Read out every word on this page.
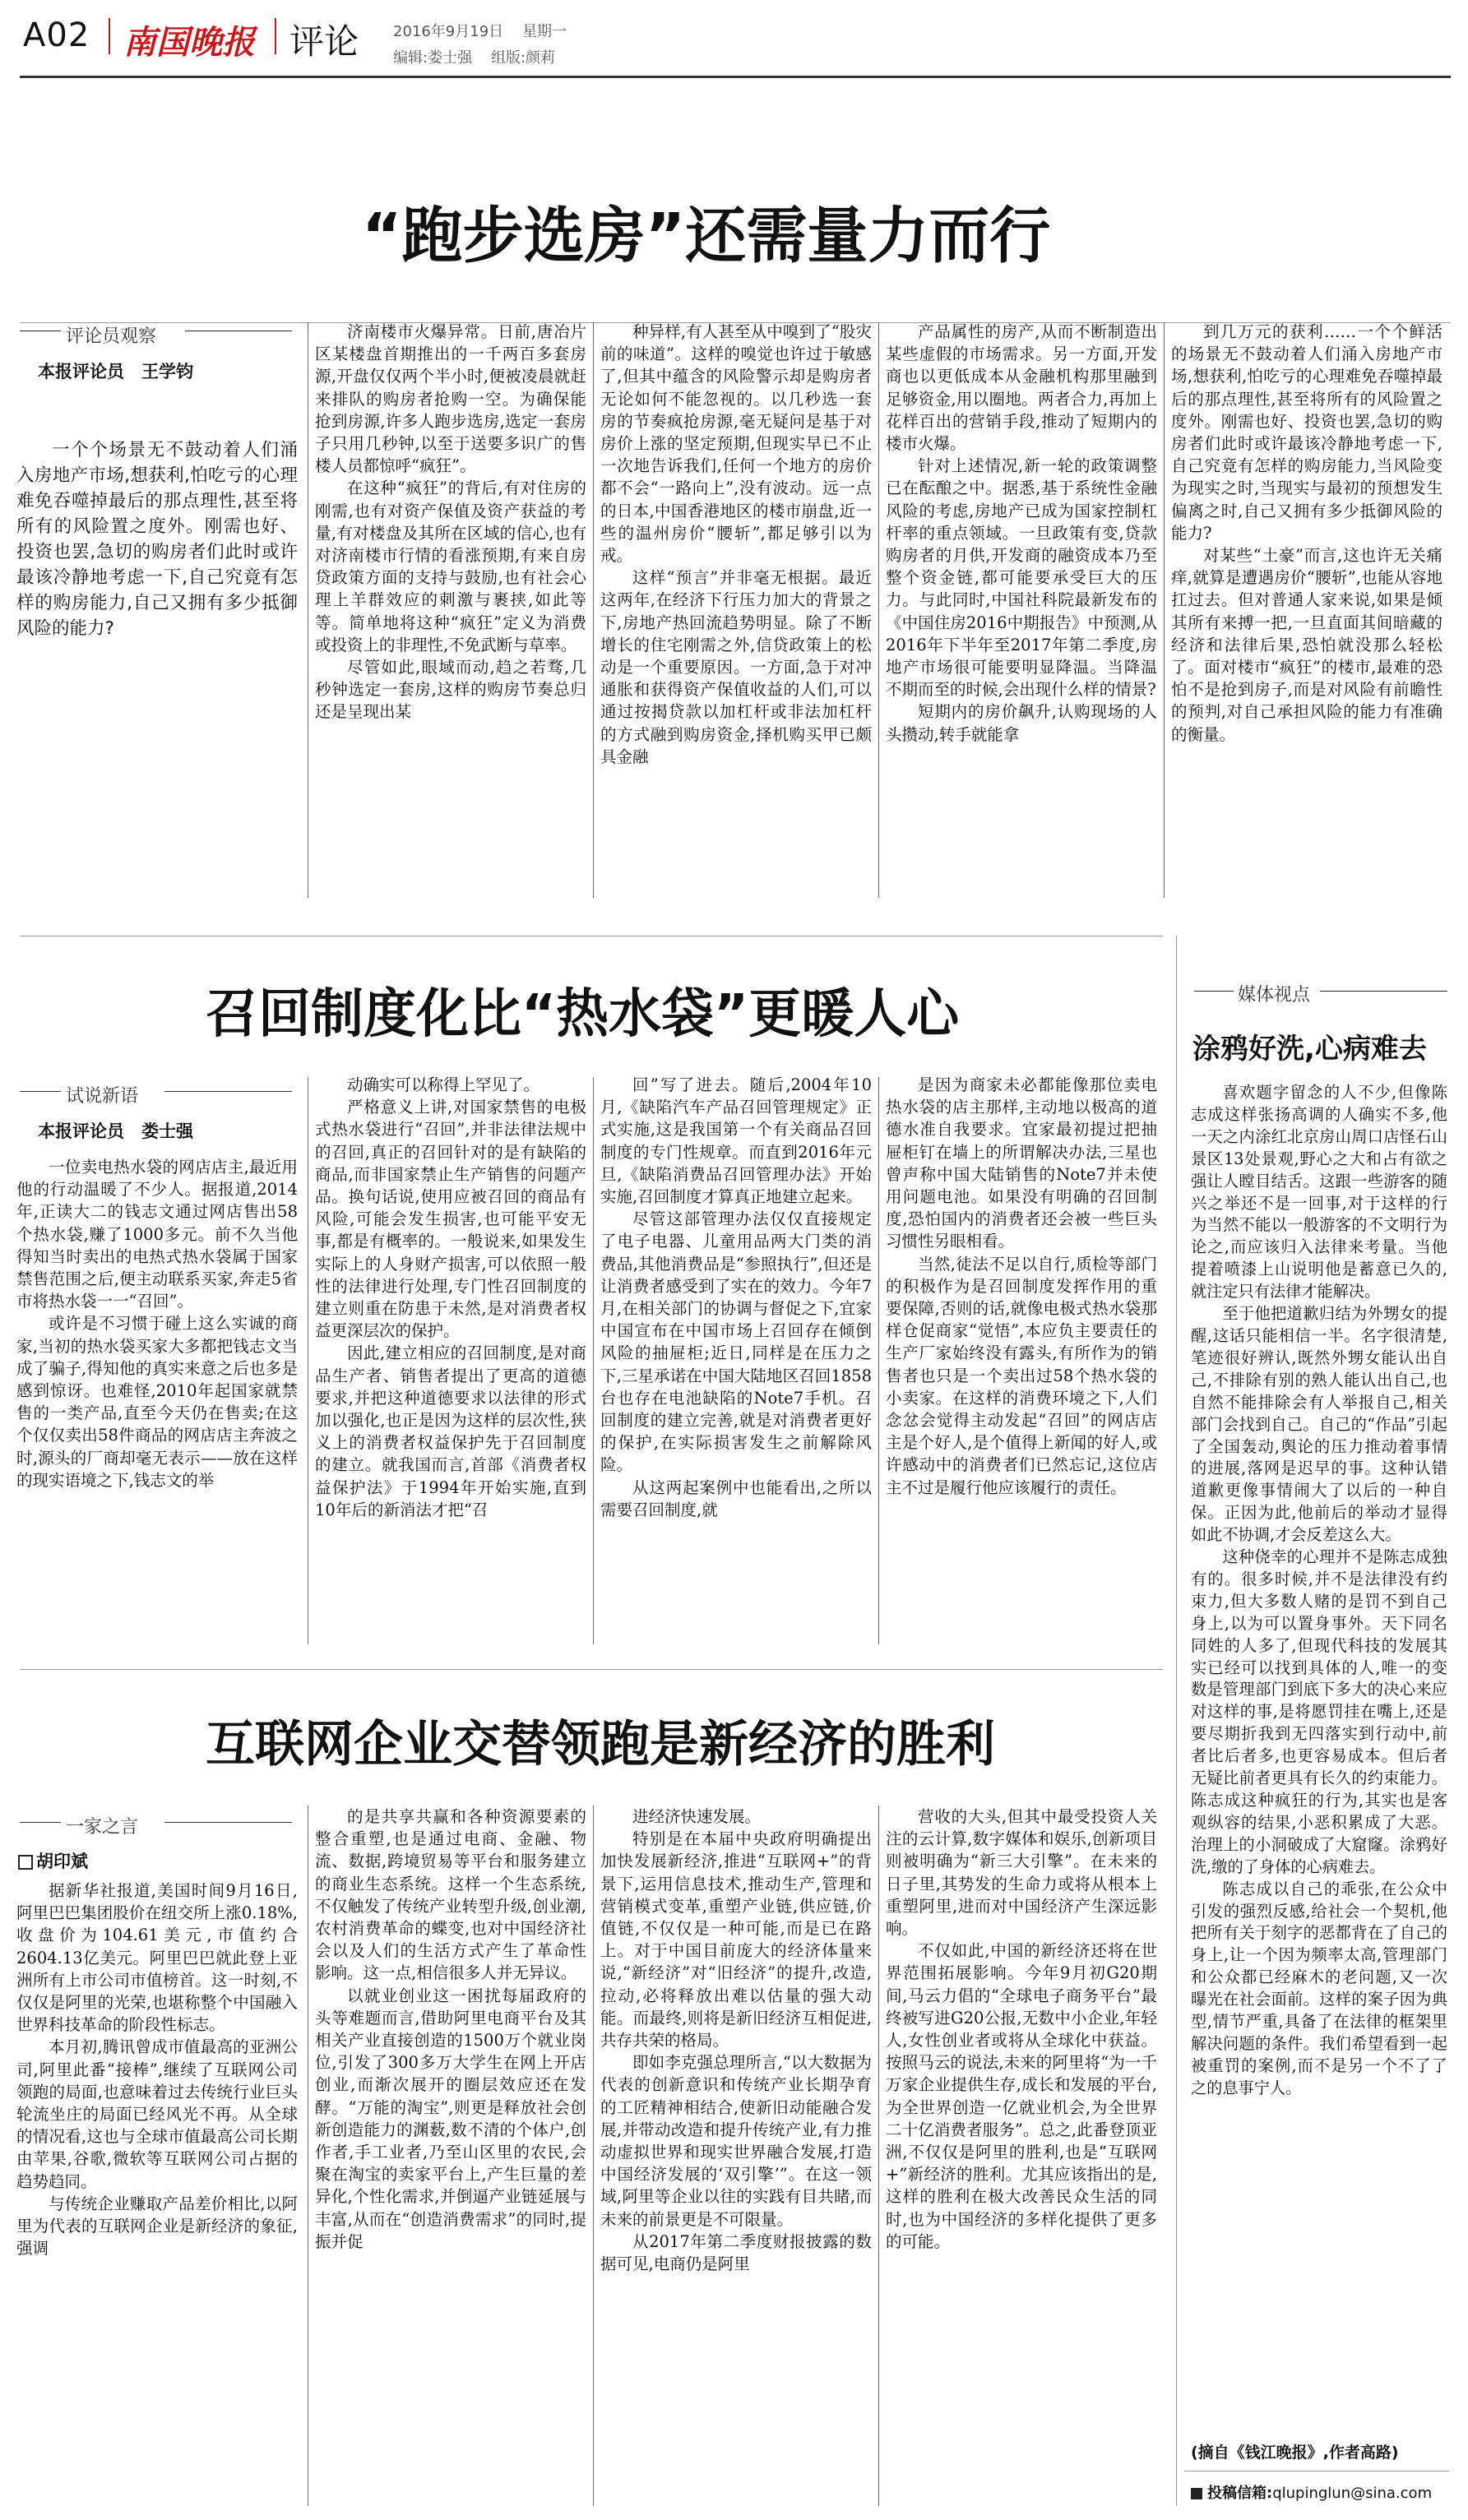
A02 南国晚报 评论 2016年9月19日 星期一
编辑:娄士强 组版:颜莉
“跑步选房”还需量力而行
评论员观察
本报评论员　王学钧
一个个场景无不鼓动着人们涌入房地产市场,想获利,怕吃亏的心理难免吞噬掉最后的那点理性,甚至将所有的风险置之度外。刚需也好、投资也罢,急切的购房者们此时或许最该冷静地考虑一下,自己究竟有怎样的购房能力,自己又拥有多少抵御风险的能力?

济南楼市火爆异常。日前,唐冶片区某楼盘首期推出的一千两百多套房源,开盘仅仅两个半小时,便被凌晨就赶来排队的购房者抢购一空。为确保能抢到房源,许多人跑步选房,选定一套房子只用几秒钟,以至于送要多识广的售楼人员都惊呼“疯狂”。

在这种“疯狂”的背后,有对住房的刚需,也有对资产保值及资产获益的考量,有对楼盘及其所在区域的信心,也有对济南楼市行情的看涨预期,有来自房贷政策方面的支持与鼓励,也有社会心理上羊群效应的刺激与裹挟,如此等等。简单地将这种“疯狂”定义为消费或投资上的非理性,不免武断与草率。

尽管如此,眼域而动,趋之若骛,几秒钟选定一套房,这样的购房节奏总归还是呈现出某

种异样,有人甚至从中嗅到了“股灾前的味道”。这样的嗅觉也许过于敏感了,但其中蕴含的风险警示却是购房者无论如何不能忽视的。以几秒选一套房的节奏疯抢房源,毫无疑问是基于对房价上涨的坚定预期,但现实早已不止一次地告诉我们,任何一个地方的房价都不会“一路向上”,没有波动。远一点的日本,中国香港地区的楼市崩盘,近一些的温州房价“腰斩”,都足够引以为戒。

这样“预言”并非毫无根据。最近这两年,在经济下行压力加大的背景之下,房地产热回流趋势明显。除了不断增长的住宅刚需之外,信贷政策上的松动是一个重要原因。一方面,急于对冲通胀和获得资产保值收益的人们,可以通过按揭贷款以加杠杆或非法加杠杆的方式融到购房资金,择机购买甲已颇具金融

产品属性的房产,从而不断制造出某些虚假的市场需求。另一方面,开发商也以更低成本从金融机构那里融到足够资金,用以圈地。两者合力,再加上花样百出的营销手段,推动了短期内的楼市火爆。

针对上述情况,新一轮的政策调整已在酝酿之中。据悉,基于系统性金融风险的考虑,房地产已成为国家控制杠杆率的重点领域。一旦政策有变,贷款购房者的月供,开发商的融资成本乃至整个资金链,都可能要承受巨大的压力。与此同时,中国社科院最新发布的《中国住房2016中期报告》中预测,从2016年下半年至2017年第二季度,房地产市场很可能要明显降温。当降温不期而至的时候,会出现什么样的情景?

短期内的房价飙升,认购现场的人头攒动,转手就能拿

到几万元的获利……一个个鲜活的场景无不鼓动着人们涌入房地产市场,想获利,怕吃亏的心理难免吞噬掉最后的那点理性,甚至将所有的风险置之度外。刚需也好、投资也罢,急切的购房者们此时或许最该冷静地考虑一下,自己究竟有怎样的购房能力,当风险变为现实之时,当现实与最初的预想发生偏离之时,自己又拥有多少抵御风险的能力?

对某些“土豪”而言,这也许无关痛痒,就算是遭遇房价“腰斩”,也能从容地扛过去。但对普通人家来说,如果是倾其所有来搏一把,一旦直面其间暗藏的经济和法律后果,恐怕就没那么轻松了。面对楼市“疯狂”的楼市,最难的恐怕不是抢到房子,而是对风险有前瞻性的预判,对自己承担风险的能力有准确的衡量。

召回制度化比“热水袋”更暖人心
试说新语
本报评论员　娄士强

一位卖电热水袋的网店店主,最近用他的行动温暖了不少人。据报道,2014年,正读大二的钱志文通过网店售出58个热水袋,赚了1000多元。前不久当他得知当时卖出的电热式热水袋属于国家禁售范围之后,便主动联系买家,奔走5省市将热水袋一一“召回”。

或许是不习惯于碰上这么实诚的商家,当初的热水袋买家大多都把钱志文当成了骗子,得知他的真实来意之后也多是感到惊讶。也难怪,2010年起国家就禁售的一类产品,直至今天仍在售卖;在这个仅仅卖出58件商品的网店店主奔波之时,源头的厂商却毫无表示——放在这样的现实语境之下,钱志文的举

动确实可以称得上罕见了。

严格意义上讲,对国家禁售的电极式热水袋进行“召回”,并非法律法规中的召回,真正的召回针对的是有缺陷的商品,而非国家禁止生产销售的问题产品。换句话说,使用应被召回的商品有风险,可能会发生损害,也可能平安无事,都是有概率的。一般说来,如果发生实际上的人身财产损害,可以依照一般性的法律进行处理,专门性召回制度的建立则重在防患于未然,是对消费者权益更深层次的保护。

因此,建立相应的召回制度,是对商品生产者、销售者提出了更高的道德要求,并把这种道德要求以法律的形式加以强化,也正是因为这样的层次性,狭义上的消费者权益保护先于召回制度的建立。就我国而言,首部《消费者权益保护法》于1994年开始实施,直到10年后的新消法才把“召

回”写了进去。随后,2004年10月,《缺陷汽车产品召回管理规定》正式实施,这是我国第一个有关商品召回制度的专门性规章。而直到2016年元旦,《缺陷消费品召回管理办法》开始实施,召回制度才算真正地建立起来。

尽管这部管理办法仅仅直接规定了电子电器、儿童用品两大门类的消费品,其他消费品是“参照执行”,但还是让消费者感受到了实在的效力。今年7月,在相关部门的协调与督促之下,宜家中国宣布在中国市场上召回存在倾倒风险的抽屉柜;近日,同样是在压力之下,三星承诺在中国大陆地区召回1858台也存在电池缺陷的Note7手机。召回制度的建立完善,就是对消费者更好的保护,在实际损害发生之前解除风险。

从这两起案例中也能看出,之所以需要召回制度,就

是因为商家未必都能像那位卖电热水袋的店主那样,主动地以极高的道德水准自我要求。宜家最初提过把抽屉柜钉在墙上的所谓解决办法,三星也曾声称中国大陆销售的Note7并未使用问题电池。如果没有明确的召回制度,恐怕国内的消费者还会被一些巨头习惯性另眼相看。

当然,徒法不足以自行,质检等部门的积极作为是召回制度发挥作用的重要保障,否则的话,就像电极式热水袋那样仓促商家“觉悟”,本应负主要责任的生产厂家始终没有露头,有所作为的销售者也只是一个卖出过58个热水袋的小卖家。在这样的消费环境之下,人们念忿会觉得主动发起“召回”的网店店主是个好人,是个值得上新闻的好人,或许感动中的消费者们已然忘记,这位店主不过是履行他应该履行的责任。

互联网企业交替领跑是新经济的胜利
一家之言
胡印斌

据新华社报道,美国时间9月16日,阿里巴巴集团股价在纽交所上涨0.18%,收盘价为104.61美元,市值约合2604.13亿美元。阿里巴巴就此登上亚洲所有上市公司市值榜首。这一时刻,不仅仅是阿里的光荣,也堪称整个中国融入世界科技革命的阶段性标志。

本月初,腾讯曾成市值最高的亚洲公司,阿里此番“接棒”,继续了互联网公司领跑的局面,也意味着过去传统行业巨头轮流坐庄的局面已经风光不再。从全球的情况看,这也与全球市值最高公司长期由苹果,谷歌,微软等互联网公司占据的趋势趋同。

与传统企业赚取产品差价相比,以阿里为代表的互联网企业是新经济的象征,强调

的是共享共赢和各种资源要素的整合重塑,也是通过电商、金融、物流、数据,跨境贸易等平台和服务建立的商业生态系统。这样一个生态系统,不仅触发了传统产业转型升级,创业潮,农村消费革命的蝶变,也对中国经济社会以及人们的生活方式产生了革命性影响。这一点,相信很多人并无异议。

以就业创业这一困扰每届政府的头等难题而言,借助阿里电商平台及其相关产业直接创造的1500万个就业岗位,引发了300多万大学生在网上开店创业,而渐次展开的圈层效应还在发酵。“万能的淘宝”,则更是释放社会创新创造能力的渊薮,数不清的个体户,创作者,手工业者,乃至山区里的农民,会聚在淘宝的卖家平台上,产生巨量的差异化,个性化需求,并倒逼产业链延展与丰富,从而在“创造消费需求”的同时,提振并促

进经济快速发展。

特别是在本届中央政府明确提出加快发展新经济,推进“互联网+”的背景下,运用信息技术,推动生产,管理和营销模式变革,重塑产业链,供应链,价值链,不仅仅是一种可能,而是已在路上。对于中国目前庞大的经济体量来说,“新经济”对“旧经济”的提升,改造,拉动,必将释放出难以估量的强大动能。而最终,则将是新旧经济互相促进,共存共荣的格局。

即如李克强总理所言,“以大数据为代表的创新意识和传统产业长期孕育的工匠精神相结合,使新旧动能融合发展,并带动改造和提升传统产业,有力推动虚拟世界和现实世界融合发展,打造中国经济发展的‘双引擎’”。在这一领域,阿里等企业以往的实践有目共睹,而未来的前景更是不可限量。

从2017年第二季度财报披露的数据可见,电商仍是阿里

营收的大头,但其中最受投资人关注的云计算,数字媒体和娱乐,创新项目则被明确为“新三大引擎”。在未来的日子里,其势发的生命力或将从根本上重塑阿里,进而对中国经济产生深远影响。

不仅如此,中国的新经济还将在世界范围拓展影响。今年9月初G20期间,马云力倡的“全球电子商务平台”最终被写进G20公报,无数中小企业,年轻人,女性创业者或将从全球化中获益。按照马云的说法,未来的阿里将“为一千万家企业提供生存,成长和发展的平台,为全世界创造一亿就业机会,为全世界二十亿消费者服务”。总之,此番登顶亚洲,不仅仅是阿里的胜利,也是“互联网+”新经济的胜利。尤其应该指出的是,这样的胜利在极大改善民众生活的同时,也为中国经济的多样化提供了更多的可能。

媒体视点
涂鸦好洗,心病难去

喜欢题字留念的人不少,但像陈志成这样张扬高调的人确实不多,他一天之内涂红北京房山周口店怪石山景区13处景观,野心之大和占有欲之强让人瞠目结舌。这跟一些游客的随兴之举还不是一回事,对于这样的行为当然不能以一般游客的不文明行为论之,而应该归入法律来考量。当他提着喷漆上山说明他是蓄意已久的,就注定只有法律才能解决。

至于他把道歉归结为外甥女的提醒,这话只能相信一半。名字很清楚,笔迹很好辨认,既然外甥女能认出自己,不排除有别的熟人能认出自己,也自然不能排除会有人举报自己,相关部门会找到自己。自己的“作品”引起了全国轰动,舆论的压力推动着事情的进展,落网是迟早的事。这种认错道歉更像事情闹大了以后的一种自保。正因为此,他前后的举动才显得如此不协调,才会反差这么大。

这种侥幸的心理并不是陈志成独有的。很多时候,并不是法律没有约束力,但大多数人赌的是罚不到自己身上,以为可以置身事外。天下同名同姓的人多了,但现代科技的发展其实已经可以找到具体的人,唯一的变数是管理部门到底下多大的决心来应对这样的事,是将愿罚挂在嘴上,还是要尽期折我到无四落实到行动中,前者比后者多,也更容易成本。但后者无疑比前者更具有长久的约束能力。陈志成这种疯狂的行为,其实也是客观纵容的结果,小恶积累成了大恶。治理上的小洞破成了大窟窿。涂鸦好洗,缴的了身体的心病难去。

陈志成以自己的乖张,在公众中引发的强烈反感,给社会一个契机,他把所有关于刻字的恶都背在了自己的身上,让一个因为频率太高,管理部门和公众都已经麻木的老问题,又一次曝光在社会面前。这样的案子因为典型,情节严重,具备了在法律的框架里解决问题的条件。我们希望看到一起被重罚的案例,而不是另一个不了了之的息事宁人。

(摘自《钱江晚报》,作者高路)
投稿信箱:qlupinglun@sina.com
